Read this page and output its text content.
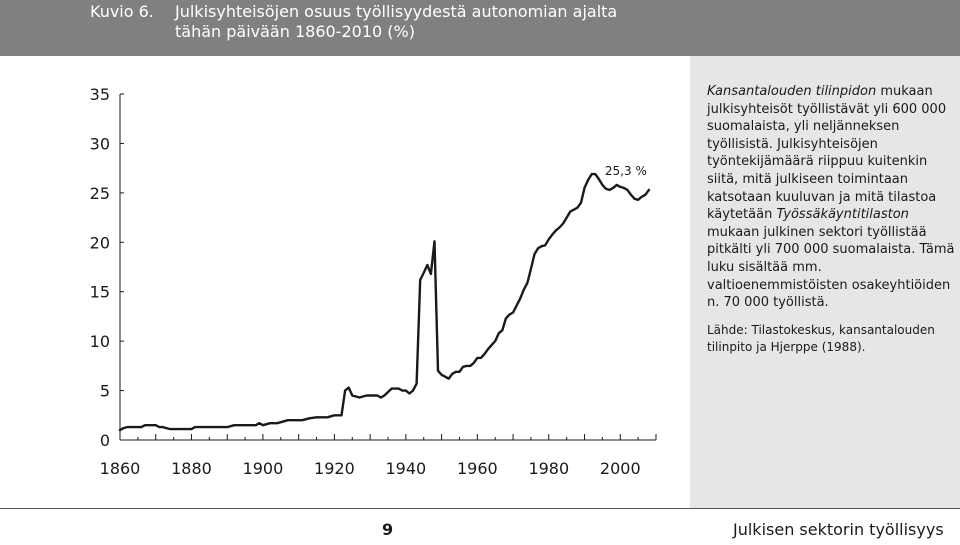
Kuvio 6. Julkisyhteisöjen osuus työllisyydestä autonomian ajalta
tähän päivään 1860-2010 (%)
0
5
10
15
20
25
30
35
1860 1880 1900 1920 1940 1960 1980 2000
25,3 %
Kansantalouden tilinpidon mukaan julkisyhteisöt työllistävät yli 600 000 suomalaista, yli neljänneksen työllisistä. Julkisyhteisöjen työntekijämäärä riippuu kuitenkin siitä, mitä julkiseen toimintaan katsotaan kuuluvan ja mitä tilastoa käytetään Työssäkäyntitilaston mukaan julkinen sektori työllistää pitkälti yli 700 000 suomalaista. Tämä luku sisältää mm. valtioenemmistöisten osakeyhtiöiden n. 70 000 työllistä.
Lähde: Tilastokeskus, kansantalouden tilinpito ja Hjerppe (1988).
9	Julkisen sektorin työllisyys
